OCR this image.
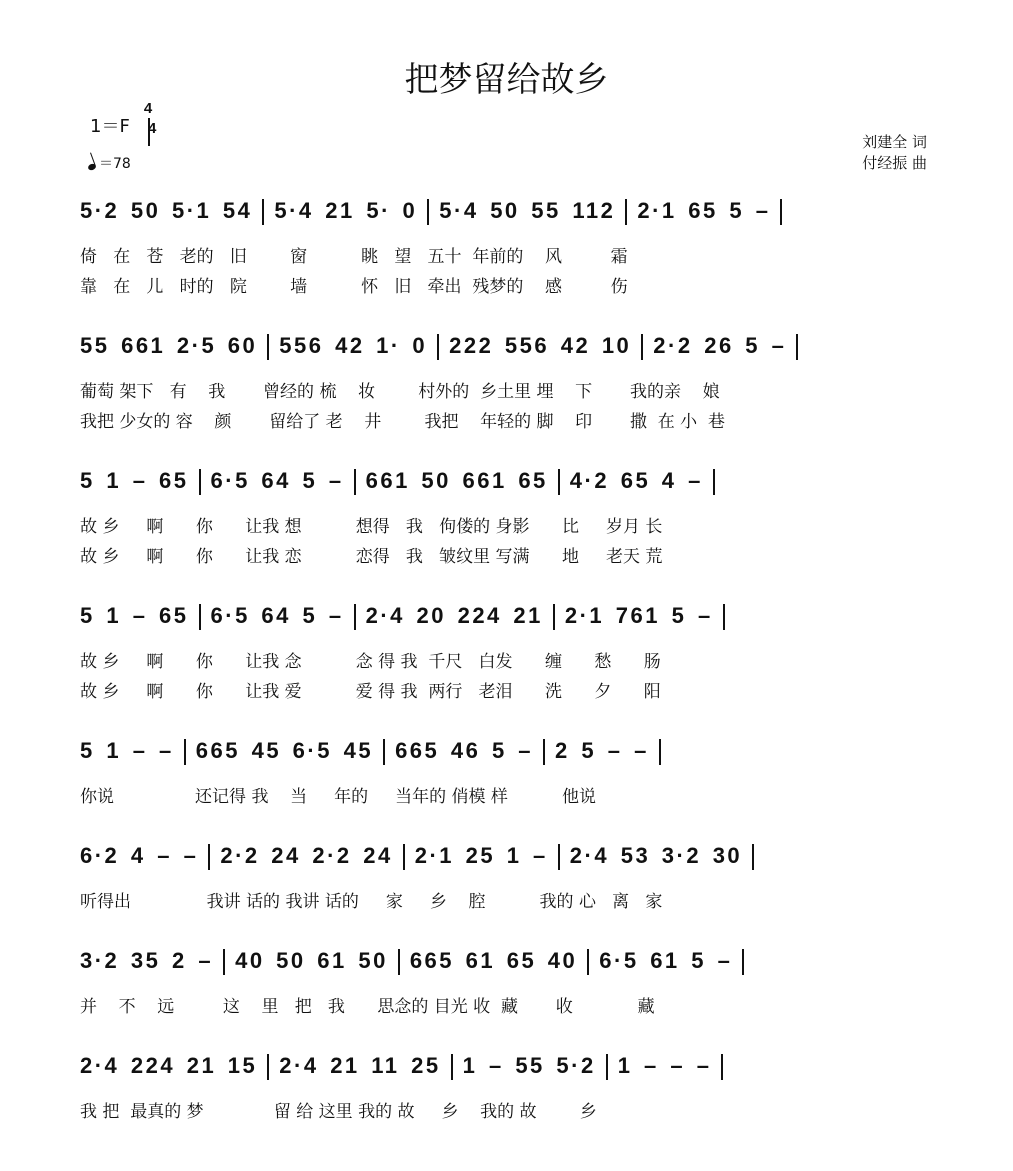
把梦留给故乡
1＝F
4
4
＝78
刘建全 词
付经振 曲
5·2 50 5·1 54 5·4 21 5· 0 5·4 50 55 112 2·1 65 5 –
倚   在   苍   老的   旧        窗          眺   望   五十  年前的    风         霜
靠   在   儿   时的   院        墙          怀   旧   牵出  残梦的    感         伤
55 661 2·5 60 556 42 1· 0 222 556 42 10 2·2 26 5 –
葡萄 架下   有    我       曾经的 梳    妆        村外的  乡土里 埋    下       我的亲    娘
我把 少女的 容    颜       留给了 老    井        我把    年轻的 脚    印       撒  在 小  巷
5 1 – 65 6·5 64 5 – 661 50 661 65 4·2 65 4 –
故 乡     啊      你      让我 想          想得   我   佝偻的 身影      比     岁月 长
故 乡     啊      你      让我 恋          恋得   我   皱纹里 写满      地     老天 荒
5 1 – 65 6·5 64 5 – 2·4 20 224 21 2·1 761 5 –
故 乡     啊      你      让我 念          念 得 我  千尺   白发      缠      愁      肠
故 乡     啊      你      让我 爱          爱 得 我  两行   老泪      洗      夕      阳
5 1 – – 665 45 6·5 45 665 46 5 – 2 5 – –
你说               还记得 我    当     年的     当年的 俏模 样          他说
6·2 4 – – 2·2 24 2·2 24 2·1 25 1 – 2·4 53 3·2 30
听得出              我讲 话的 我讲 话的     家     乡    腔          我的 心   离   家
3·2 35 2 – 40 50 61 50 665 61 65 40 6·5 61 5 –
并    不    远         这    里   把   我      思念的 目光 收  藏       收            藏
2·4 224 21 15 2·4 21 11 25 1 – 55 5·2 1 – – –
我 把  最真的 梦             留 给 这里 我的 故     乡    我的 故        乡
